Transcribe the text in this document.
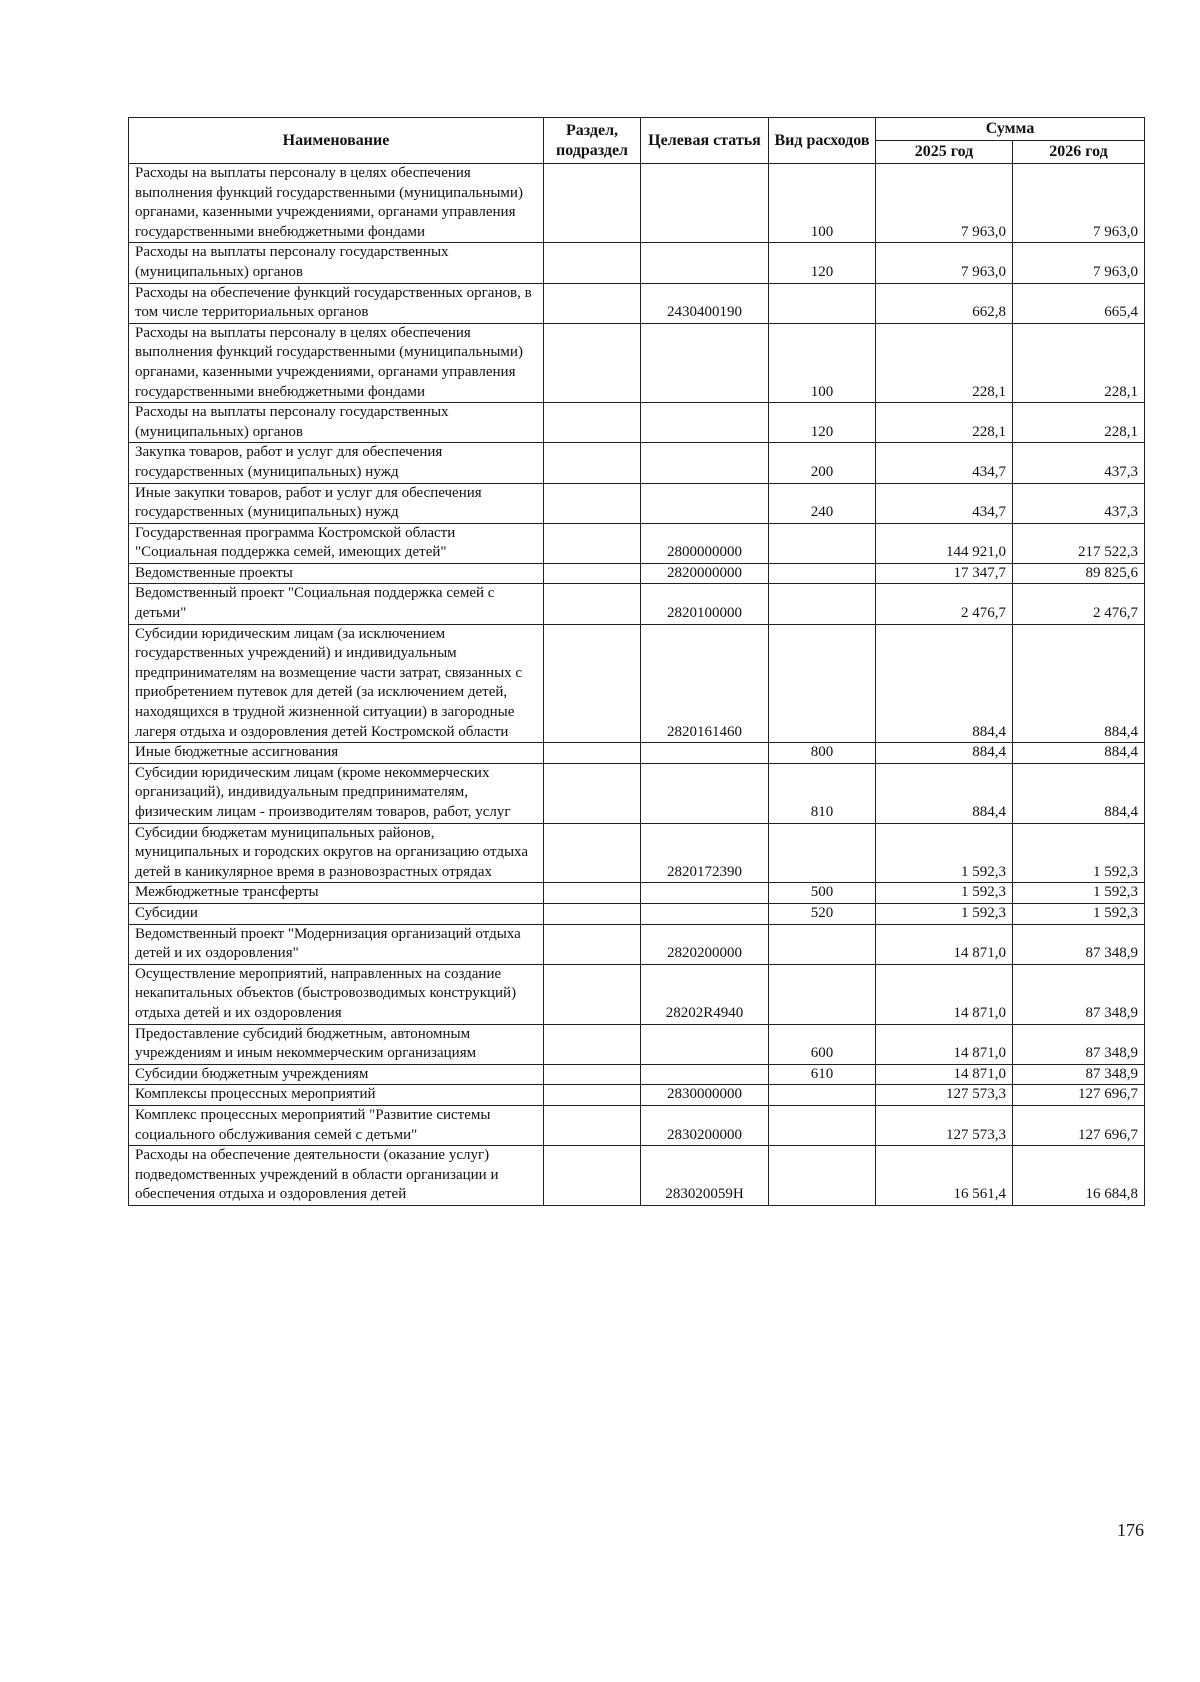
Наименование	Раздел, подраздел	Целевая статья	Вид расходов	Сумма	
				2025 год	2026 год
Расходы на выплаты персоналу в целях обеспечения выполнения функций государственными (муниципальными) органами, казенными учреждениями, органами управления государственными внебюджетными фондами			100	7 963,0	7 963,0
Расходы на выплаты персоналу государственных (муниципальных) органов			120	7 963,0	7 963,0
Расходы на обеспечение функций государственных органов, в том числе территориальных органов		2430400190		662,8	665,4
Расходы на выплаты персоналу в целях обеспечения выполнения функций государственными (муниципальными) органами, казенными учреждениями, органами управления государственными внебюджетными фондами			100	228,1	228,1
Расходы на выплаты персоналу государственных (муниципальных) органов			120	228,1	228,1
Закупка товаров, работ и услуг для обеспечения государственных (муниципальных) нужд			200	434,7	437,3
Иные закупки товаров, работ и услуг для обеспечения государственных (муниципальных) нужд			240	434,7	437,3
Государственная программа Костромской области "Социальная поддержка семей, имеющих детей"		2800000000		144 921,0	217 522,3
Ведомственные проекты		2820000000		17 347,7	89 825,6
Ведомственный проект "Социальная поддержка семей с детьми"		2820100000		2 476,7	2 476,7
Субсидии юридическим лицам (за исключением государственных учреждений) и индивидуальным предпринимателям на возмещение части затрат, связанных с приобретением путевок для детей (за исключением детей, находящихся в трудной жизненной ситуации) в загородные лагеря отдыха и оздоровления детей Костромской области		2820161460		884,4	884,4
Иные бюджетные ассигнования			800	884,4	884,4
Субсидии юридическим лицам (кроме некоммерческих организаций), индивидуальным предпринимателям, физическим лицам - производителям товаров, работ, услуг			810	884,4	884,4
Субсидии бюджетам муниципальных районов, муниципальных и городских округов на организацию отдыха детей в каникулярное время в разновозрастных отрядах		2820172390		1 592,3	1 592,3
Межбюджетные трансферты			500	1 592,3	1 592,3
Субсидии			520	1 592,3	1 592,3
Ведомственный проект "Модернизация организаций отдыха детей и их оздоровления"		2820200000		14 871,0	87 348,9
Осуществление мероприятий, направленных на создание некапитальных объектов (быстровозводимых конструкций) отдыха детей и их оздоровления		28202R4940		14 871,0	87 348,9
Предоставление субсидий бюджетным, автономным учреждениям и иным некоммерческим организациям			600	14 871,0	87 348,9
Субсидии бюджетным учреждениям			610	14 871,0	87 348,9
Комплексы процессных мероприятий		2830000000		127 573,3	127 696,7
Комплекс процессных мероприятий "Развитие системы социального обслуживания семей с детьми"		2830200000		127 573,3	127 696,7
Расходы на обеспечение деятельности (оказание услуг) подведомственных учреждений в области организации и обеспечения отдыха и оздоровления детей		283020059Н		16 561,4	16 684,8
176
